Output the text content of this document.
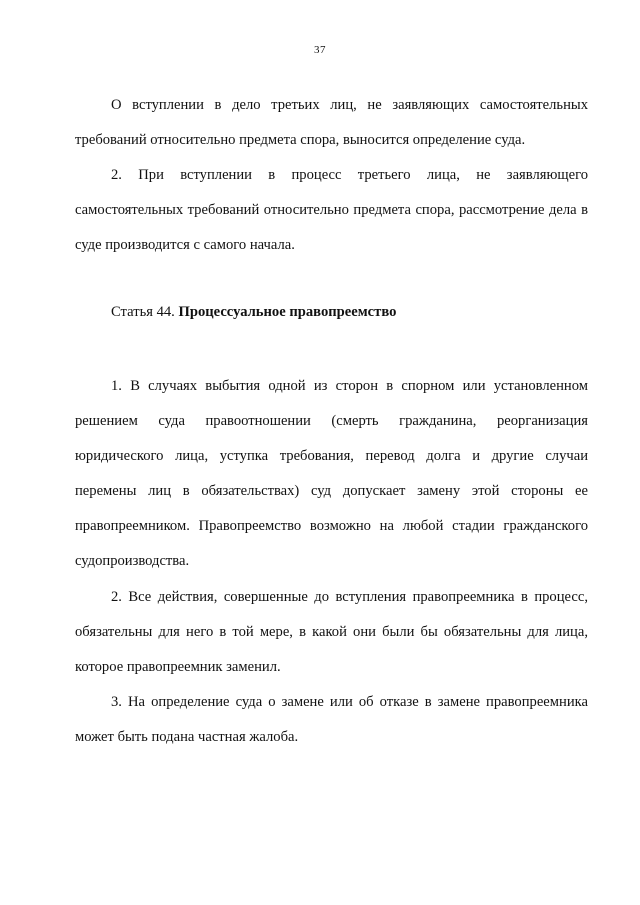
37

О вступлении в дело третьих лиц, не заявляющих самостоятельных требований относительно предмета спора, выносится определение суда.

2. При вступлении в процесс третьего лица, не заявляющего самостоятельных требований относительно предмета спора, рассмотрение дела в суде производится с самого начала.

Статья 44. Процессуальное правопреемство

1. В случаях выбытия одной из сторон в спорном или установленном решением суда правоотношении (смерть гражданина, реорганизация юридического лица, уступка требования, перевод долга и другие случаи перемены лиц в обязательствах) суд допускает замену этой стороны ее правопреемником. Правопреемство возможно на любой стадии гражданского судопроизводства.

2. Все действия, совершенные до вступления правопреемника в процесс, обязательны для него в той мере, в какой они были бы обязательны для лица, которое правопреемник заменил.

3. На определение суда о замене или об отказе в замене правопреемника может быть подана частная жалоба.
